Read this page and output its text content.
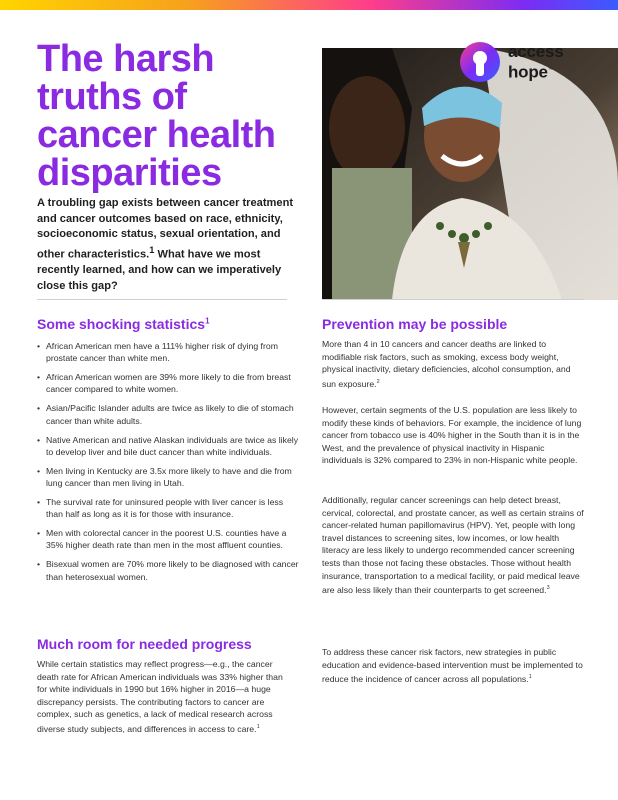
The harsh
truths of
cancer health
disparities

A troubling gap exists between cancer treatment and cancer outcomes based on race, ethnicity, socioeconomic status, sexual orientation, and other characteristics.$^1$ What have we most recently learned, and how can we imperatively close this gap?

access
hope™
Some shocking statistics$^1$
• African American men have a 111% higher risk of dying from prostate cancer than white men.
• African American women are 39% more likely to die from breast cancer compared to white women.
• Asian/Pacific Islander adults are twice as likely to die of stomach cancer than white adults.
• Native American and native Alaskan individuals are twice as likely to develop liver and bile duct cancer than white individuals.
• Men living in Kentucky are 3.5x more likely to have and die from lung cancer than men living in Utah.
• The survival rate for uninsured people with liver cancer is less than half as long as it is for those with insurance.
• Men with colorectal cancer in the poorest U.S. counties have a 35% higher death rate than men in the most affluent counties.
• Bisexual women are 70% more likely to be diagnosed with cancer than heterosexual women.
Much room for needed progress

While certain statistics may reflect progress—e.g., the cancer death rate for African American individuals was 33% higher than for white individuals in 1990 but 16% higher in 2016—a huge discrepancy persists. The contributing factors to cancer are complex, such as genetics, a lack of medical research across diverse study subjects, and differences in access to care.$^1$

Prevention may be possible

More than 4 in 10 cancers and cancer deaths are linked to modifiable risk factors, such as smoking, excess body weight, physical inactivity, dietary deficiencies, alcohol consumption, and sun exposure.$^2$

However, certain segments of the U.S. population are less likely to modify these kinds of behaviors. For example, the incidence of lung cancer from tobacco use is 40% higher in the South than it is in the West, and the prevalence of physical inactivity in Hispanic individuals is 32% compared to 23% in non-Hispanic white people.

Additionally, regular cancer screenings can help detect breast, cervical, colorectal, and prostate cancer, as well as certain strains of cancer-related human papillomavirus (HPV). Yet, people with long travel distances to screening sites, low incomes, or low health literacy are less likely to undergo recommended cancer screening tests than those not facing these obstacles. Those without health insurance, transportation to a medical facility, or paid medical leave are also less likely than their counterparts to get screened.$^3$

To address these cancer risk factors, new strategies in public education and evidence-based intervention must be implemented to reduce the incidence of cancer across all populations.$^1$
